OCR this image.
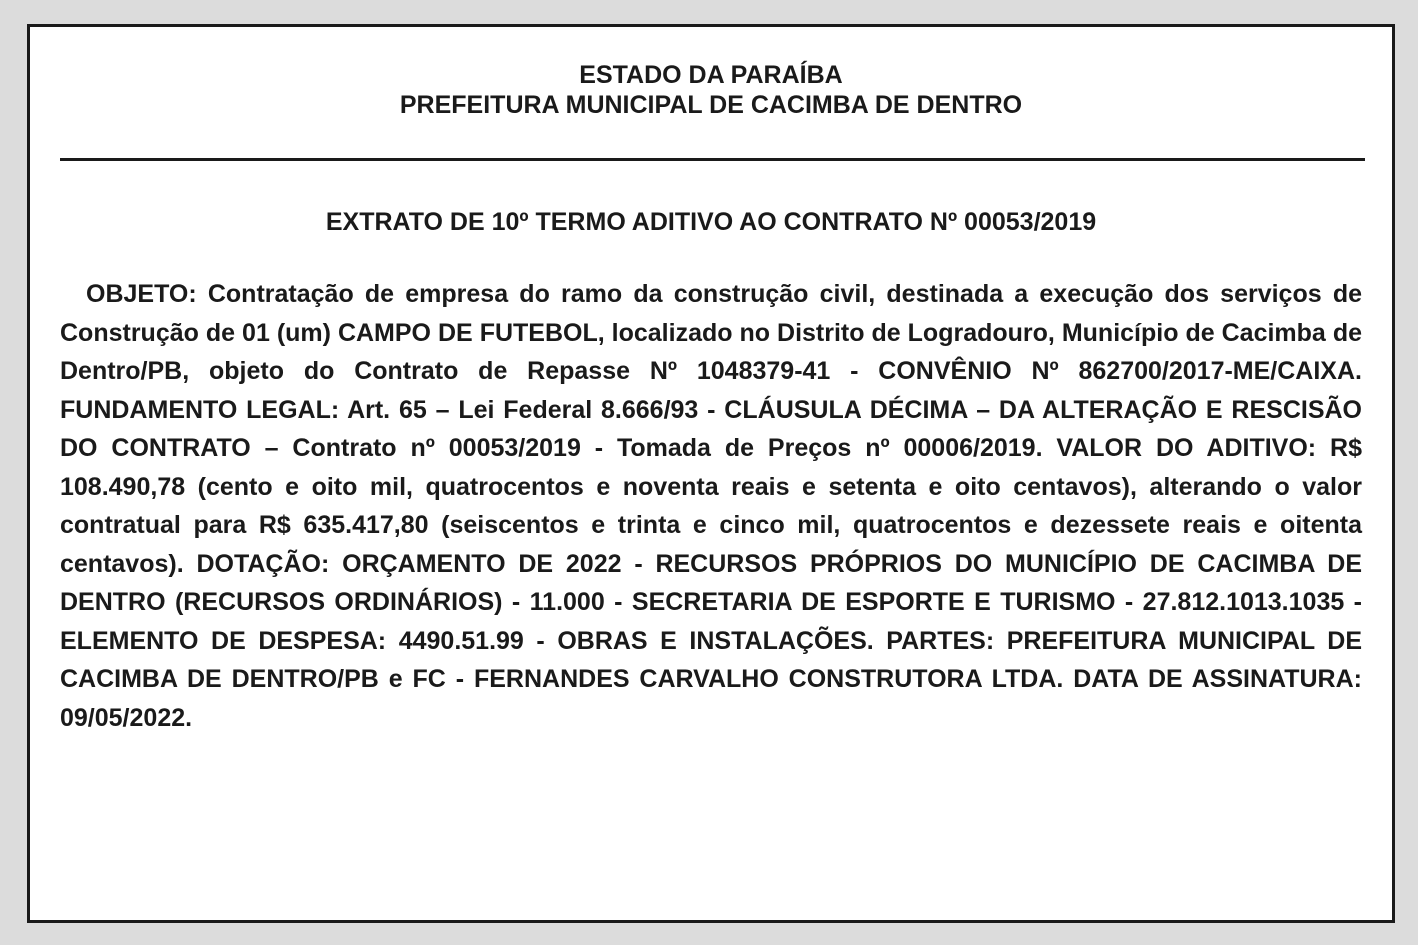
ESTADO DA PARAÍBA
PREFEITURA MUNICIPAL DE CACIMBA DE DENTRO
EXTRATO DE 10º TERMO ADITIVO AO CONTRATO Nº 00053/2019

OBJETO: Contratação de empresa do ramo da construção civil, destinada a execução dos serviços de Construção de 01 (um) CAMPO DE FUTEBOL, localizado no Distrito de Logradouro, Município de Cacimba de Dentro/PB, objeto do Contrato de Repasse Nº 1048379-41 - CONVÊNIO Nº 862700/2017-ME/CAIXA. FUNDAMENTO LEGAL: Art. 65 – Lei Federal 8.666/93 - CLÁUSULA DÉCIMA – DA ALTERAÇÃO E RESCISÃO DO CONTRATO – Contrato nº 00053/2019 - Tomada de Preços nº 00006/2019. VALOR DO ADITIVO: R$ 108.490,78 (cento e oito mil, quatrocentos e noventa reais e setenta e oito centavos), alterando o valor contratual para R$ 635.417,80 (seiscentos e trinta e cinco mil, quatrocentos e dezessete reais e oitenta centavos). DOTAÇÃO: ORÇAMENTO DE 2022 - RECURSOS PRÓPRIOS DO MUNICÍPIO DE CACIMBA DE DENTRO (RECURSOS ORDINÁRIOS) - 11.000 - SECRETARIA DE ESPORTE E TURISMO - 27.812.1013.1035 - ELEMENTO DE DESPESA: 4490.51.99 - OBRAS E INSTALAÇÕES. PARTES: PREFEITURA MUNICIPAL DE CACIMBA DE DENTRO/PB e FC - FERNANDES CARVALHO CONSTRUTORA LTDA. DATA DE ASSINATURA: 09/05/2022.
